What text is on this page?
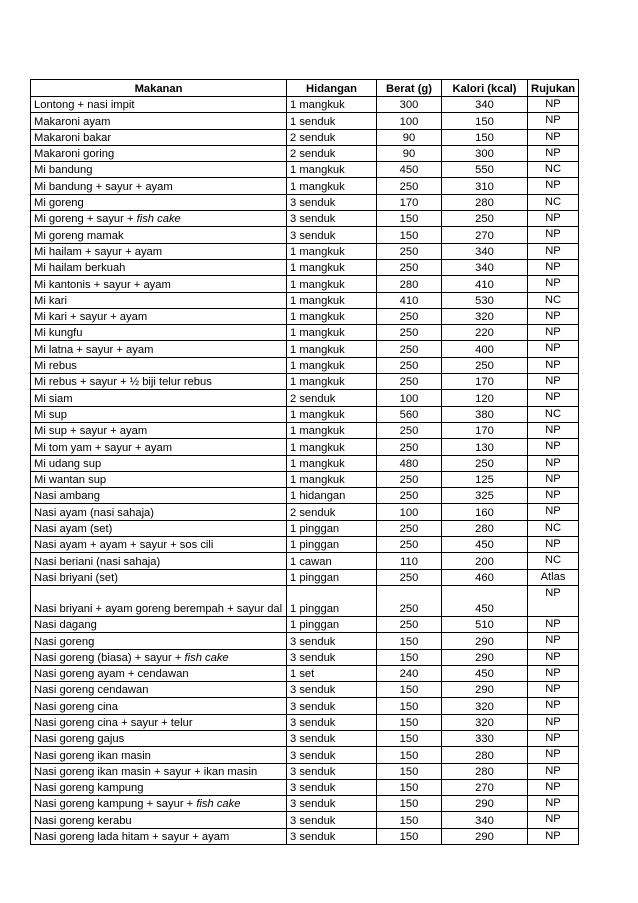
Makanan	Hidangan	Berat (g)	Kalori (kcal)	Rujukan
Lontong + nasi impit	1 mangkuk	300	340	NP
Makaroni ayam	1 senduk	100	150	NP
Makaroni bakar	2 senduk	90	150	NP
Makaroni goring	2 senduk	90	300	NP
Mi bandung	1 mangkuk	450	550	NC
Mi bandung + sayur + ayam	1 mangkuk	250	310	NP
Mi goreng	3 senduk	170	280	NC
Mi goreng + sayur + fish cake	3 senduk	150	250	NP
Mi goreng mamak	3 senduk	150	270	NP
Mi hailam + sayur + ayam	1 mangkuk	250	340	NP
Mi hailam berkuah	1 mangkuk	250	340	NP
Mi kantonis + sayur + ayam	1 mangkuk	280	410	NP
Mi kari	1 mangkuk	410	530	NC
Mi kari + sayur + ayam	1 mangkuk	250	320	NP
Mi kungfu	1 mangkuk	250	220	NP
Mi latna + sayur + ayam	1 mangkuk	250	400	NP
Mi rebus	1 mangkuk	250	250	NP
Mi rebus + sayur + ½ biji telur rebus	1 mangkuk	250	170	NP
Mi siam	2 senduk	100	120	NP
Mi sup	1 mangkuk	560	380	NC
Mi sup + sayur + ayam	1 mangkuk	250	170	NP
Mi tom yam + sayur + ayam	1 mangkuk	250	130	NP
Mi udang sup	1 mangkuk	480	250	NP
Mi wantan sup	1 mangkuk	250	125	NP
Nasi ambang	1 hidangan	250	325	NP
Nasi ayam (nasi sahaja)	2 senduk	100	160	NP
Nasi ayam (set)	1 pinggan	250	280	NC
Nasi ayam + ayam + sayur + sos cili	1 pinggan	250	450	NP
Nasi beriani (nasi sahaja)	1 cawan	110	200	NC
Nasi briyani (set)	1 pinggan	250	460	Atlas
Nasi briyani + ayam goreng berempah + sayur dal	1 pinggan	250	450	NP
Nasi dagang	1 pinggan	250	510	NP
Nasi goreng	3 senduk	150	290	NP
Nasi goreng (biasa) + sayur + fish cake	3 senduk	150	290	NP
Nasi goreng ayam + cendawan	1 set	240	450	NP
Nasi goreng cendawan	3 senduk	150	290	NP
Nasi goreng cina	3 senduk	150	320	NP
Nasi goreng cina + sayur + telur	3 senduk	150	320	NP
Nasi goreng gajus	3 senduk	150	330	NP
Nasi goreng ikan masin	3 senduk	150	280	NP
Nasi goreng ikan masin + sayur + ikan masin	3 senduk	150	280	NP
Nasi goreng kampung	3 senduk	150	270	NP
Nasi goreng kampung + sayur + fish cake	3 senduk	150	290	NP
Nasi goreng kerabu	3 senduk	150	340	NP
Nasi goreng lada hitam + sayur + ayam	3 senduk	150	290	NP
